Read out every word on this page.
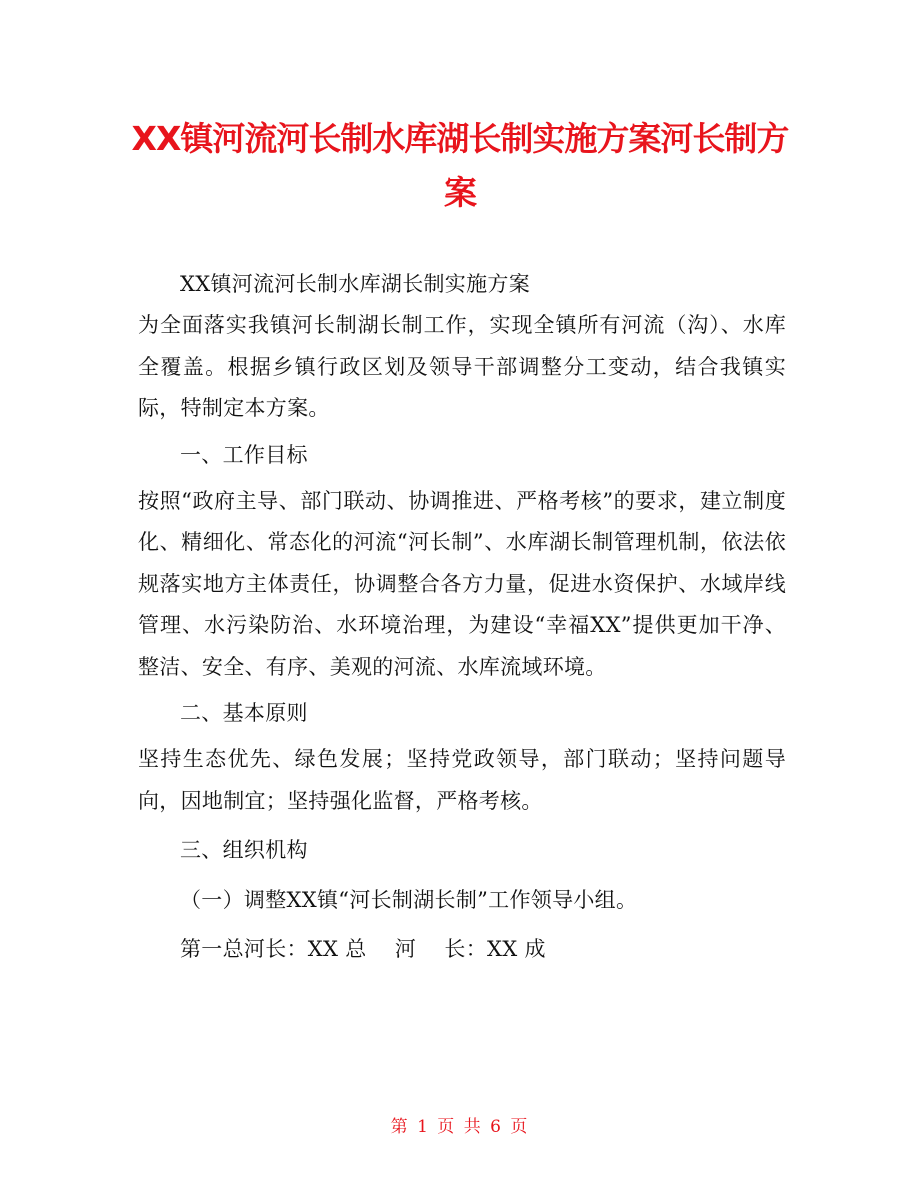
XX镇河流河长制水库湖长制实施方案河长制方案

XX镇河流河长制水库湖长制实施方案

为全面落实我镇河长制湖长制工作，实现全镇所有河流（沟）、水库全覆盖。根据乡镇行政区划及领导干部调整分工变动，结合我镇实际，特制定本方案。

一、工作目标

按照“政府主导、部门联动、协调推进、严格考核”的要求，建立制度化、精细化、常态化的河流“河长制”、水库湖长制管理机制，依法依规落实地方主体责任，协调整合各方力量，促进水资保护、水域岸线管理、水污染防治、水环境治理，为建设“幸福XX”提供更加干净、整洁、安全、有序、美观的河流、水库流域环境。

二、基本原则

坚持生态优先、绿色发展；坚持党政领导，部门联动；坚持问题导向，因地制宜；坚持强化监督，严格考核。

三、组织机构

（一）调整XX镇“河长制湖长制”工作领导小组。

第一总河长：XX 总　 河　 长：XX 成

第 1 页 共 6 页
